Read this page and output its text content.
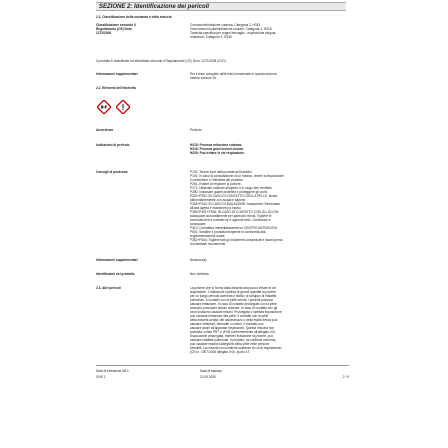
SEZIONE 2: Identificazione dei pericoli
2.1. Classificazione della sostanza o della miscela
Classificazione secondo il
Regolamento (CE) Num.
1272/2008
Corrosione/irritazione cutanea, Categoria 2, H315
Gravi lesioni oculari/irritazione oculare, Categoria 1, H318
Tossicità specifica per organi bersaglio - esposizione singola,
Irritazione, Categoria 3, H335
Il prodotto è classificato ed etichettato secondo il Regolamento (CE) Num. 1272/2008 (CLP).
Informazioni supplementari	Per il testo completo delle frasi menzionate in questa sezione,
vedere sezione 16.
2.2. Elementi dell'etichetta
Avvertenza	Pericolo
Indicazioni di pericolo	H315: Provoca irritazione cutanea.
H318: Provoca gravi lesioni oculari.
H335: Può irritare le vie respiratorie.
Consigli di prudenza	P102: Tenere fuori dalla portata dei bambini.
P101: In caso di consultazione di un medico, tenere a disposizione
il contenitore o l'etichetta del prodotto.
P261: Evitare di respirare la polvere.
P271: Utilizzare soltanto all'aperto o in luogo ben ventilato.
P280: Indossare guanti protettivi e proteggere gli occhi.
P302+P352: IN CASO DI CONTATTO CON LA PELLE: lavare
abbondantemente con acqua e sapone.
P304+P340: IN CASO DI INALAZIONE: trasportare l'infortunato
all'aria aperta e mantenerlo a riposo.
P305+P351+P338: IN CASO DI CONTATTO CON GLI OCCHI:
sciacquare accuratamente per parecchi minuti. Togliere le
eventuali lenti a contatto se è agevole farlo. Continuare a
sciacquare.
P310: Contattare immediatamente un CENTRO ANTIVELENI.
P501: Smaltire il prodotto/recipiente in conformità alla
regolamentazione locale.
P362+P364: Togliere tutti gli indumenti contaminati e lavarli prima
di indossarli nuovamente.
Informazioni supplementari	Nessuno(a).
Identificatori del prodotto	Non richiesto.
2.3. Altri pericoli	La polvere che si forma dalla miscela secca può irritare le vie
respiratorie. L'inalazione ripetuta di grandi quantità di polvere
per un lungo periodo aumenta il rischio di sviluppo di malattie
polmonari. A contatto con la pelle umida, i prodotti possono
causare irritazione. In caso di contatto prolungato con la pelle
possono provocare lesioni cutanee. In caso di contatto con gli
occhi possono causare lesioni. Prolungata o ripetuta esposizione
può causare irritazione alla pelle. Il contatto con la pelle
della miscela umida, del calcestruzzo o della malta fresca può
causare irritazioni, dermatiti o ustioni. Il contatto può
causare danni all'apparato respiratorio. Questa miscela non
soddisfa i criteri PBT o vPvB conformemente all'allegato XIII.
Esposizione prolungata, tramite l'inalazione di polvere, può
causare malattie polmonari. Il prodotto, se contiene cemento,
può causare reazioni allergiche della pelle nelle persone
sensibili. La miscela non contiene sostanze di cui al regolamento
(CE) n. 1907/2006 allegato XVII, punto 47.
Data di emissione M10
GHS 1
Data di stampa
12.05.2020	2 / 9
